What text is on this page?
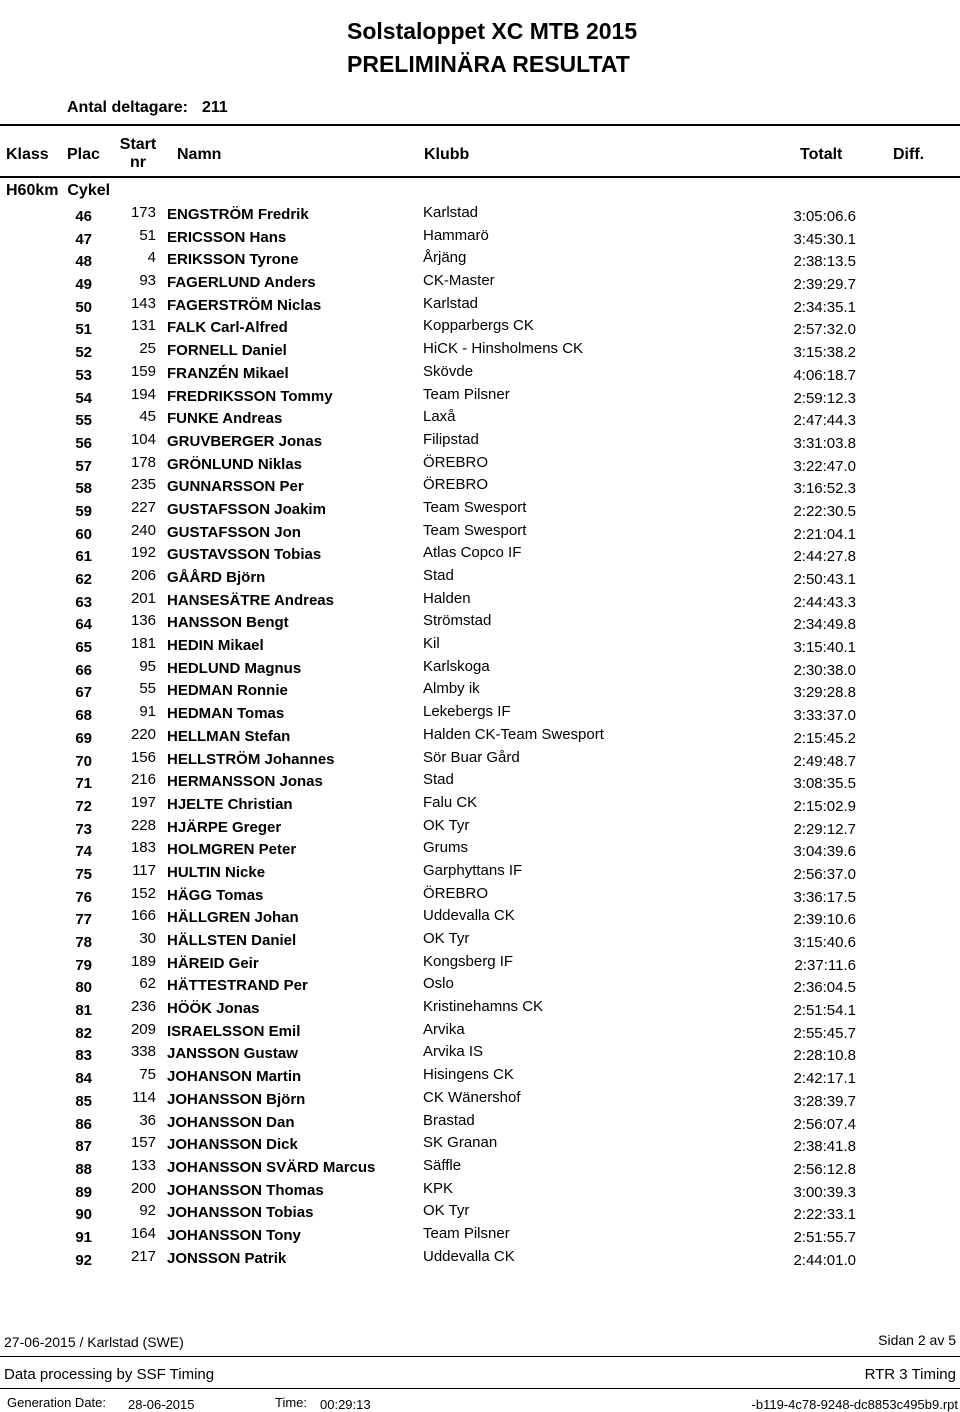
Solstaloppet XC MTB 2015
PRELIMINÄRA RESULTAT
Antal deltagare: 211
Klass Plac
Start
nr	Namn	Klubb	Totalt	Diff.
H60km  Cykel
46	173 ENGSTRÖM Fredrik	Karlstad	3:05:06.6
47	51 ERICSSON Hans	Hammarö	3:45:30.1
48	4 ERIKSSON Tyrone	Årjäng	2:38:13.5
49	93 FAGERLUND Anders	CK-Master	2:39:29.7
50	143 FAGERSTRÖM Niclas	Karlstad	2:34:35.1
51	131 FALK Carl-Alfred	Kopparbergs CK	2:57:32.0
52	25 FORNELL Daniel	HiCK - Hinsholmens CK	3:15:38.2
53	159 FRANZÉN Mikael	Skövde	4:06:18.7
54	194 FREDRIKSSON Tommy	Team Pilsner	2:59:12.3
55	45 FUNKE Andreas	Laxå	2:47:44.3
56	104 GRUVBERGER Jonas	Filipstad	3:31:03.8
57	178 GRÖNLUND Niklas	ÖREBRO	3:22:47.0
58	235 GUNNARSSON Per	ÖREBRO	3:16:52.3
59	227 GUSTAFSSON Joakim	Team Swesport	2:22:30.5
60	240 GUSTAFSSON Jon	Team Swesport	2:21:04.1
61	192 GUSTAVSSON Tobias	Atlas Copco IF	2:44:27.8
62	206 GÅÅRD Björn	Stad	2:50:43.1
63	201 HANSESÄTRE Andreas	Halden	2:44:43.3
64	136 HANSSON Bengt	Strömstad	2:34:49.8
65	181 HEDIN Mikael	Kil	3:15:40.1
66	95 HEDLUND Magnus	Karlskoga	2:30:38.0
67	55 HEDMAN Ronnie	Almby ik	3:29:28.8
68	91 HEDMAN Tomas	Lekebergs IF	3:33:37.0
69	220 HELLMAN Stefan	Halden CK-Team Swesport	2:15:45.2
70	156 HELLSTRÖM Johannes	Sör Buar Gård	2:49:48.7
71	216 HERMANSSON Jonas	Stad	3:08:35.5
72	197 HJELTE Christian	Falu CK	2:15:02.9
73	228 HJÄRPE Greger	OK Tyr	2:29:12.7
74	183 HOLMGREN Peter	Grums	3:04:39.6
75	117 HULTIN Nicke	Garphyttans IF	2:56:37.0
76	152 HÄGG Tomas	ÖREBRO	3:36:17.5
77	166 HÄLLGREN Johan	Uddevalla CK	2:39:10.6
78	30 HÄLLSTEN Daniel	OK Tyr	3:15:40.6
79	189 HÄREID Geir	Kongsberg IF	2:37:11.6
80	62 HÄTTESTRAND Per	Oslo	2:36:04.5
81	236 HÖÖK Jonas	Kristinehamns CK	2:51:54.1
82	209 ISRAELSSON Emil	Arvika	2:55:45.7
83	338 JANSSON Gustaw	Arvika IS	2:28:10.8
84	75 JOHANSON Martin	Hisingens CK	2:42:17.1
85	114 JOHANSSON Björn	CK Wänershof	3:28:39.7
86	36 JOHANSSON Dan	Brastad	2:56:07.4
87	157 JOHANSSON Dick	SK Granan	2:38:41.8
88	133 JOHANSSON SVÄRD Marcus	Säffle	2:56:12.8
89	200 JOHANSSON Thomas	KPK	3:00:39.3
90	92 JOHANSSON Tobias	OK Tyr	2:22:33.1
91	164 JOHANSSON Tony	Team Pilsner	2:51:55.7
92	217 JONSSON Patrik	Uddevalla CK	2:44:01.0
27-06-2015 / Karlstad (SWE)	Sidan 2 av 5
Data processing by SSF Timing	RTR 3 Timing
Generation Date: 28-06-2015	Time: 00:29:13	-b119-4c78-9248-dc8853c495b9.rpt
